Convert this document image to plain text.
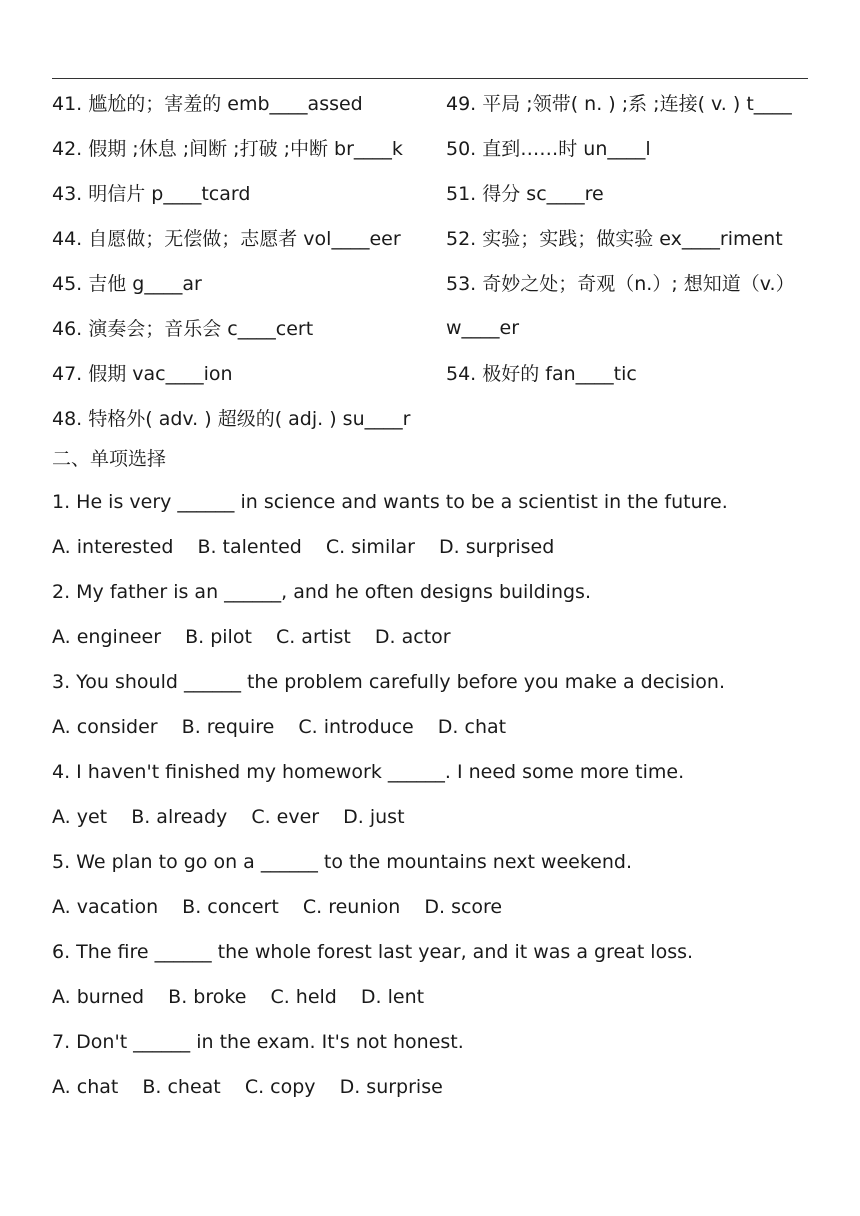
41. 尴尬的；害羞的 emb____assed	49. 平局 ;领带( n. ) ;系 ;连接( v. ) t____
42. 假期 ;休息 ;间断 ;打破 ;中断 br____k	50. 直到……时 un____l
43. 明信片 p____tcard	51. 得分 sc____re
44. 自愿做；无偿做；志愿者 vol____eer	52. 实验；实践；做实验 ex____riment
45. 吉他 g____ar	53. 奇妙之处；奇观（n.）; 想知道（v.）
46. 演奏会；音乐会 c____cert	w____er
47. 假期 vac____ion	54. 极好的 fan____tic
48. 特格外( adv. ) 超级的( adj. ) su____r
二、单项选择
1. He is very ______ in science and wants to be a scientist in the future.
A. interested B. talented C. similar D. surprised
2. My father is an ______, and he often designs buildings.
A. engineer B. pilot C. artist D. actor
3. You should ______ the problem carefully before you make a decision.
A. consider B. require C. introduce D. chat
4. I haven't finished my homework ______. I need some more time.
A. yet B. already C. ever D. just
5. We plan to go on a ______ to the mountains next weekend.
A. vacation B. concert C. reunion D. score
6. The fire ______ the whole forest last year, and it was a great loss.
A. burned B. broke C. held D. lent
7. Don't ______ in the exam. It's not honest.
A. chat B. cheat C. copy D. surprise
